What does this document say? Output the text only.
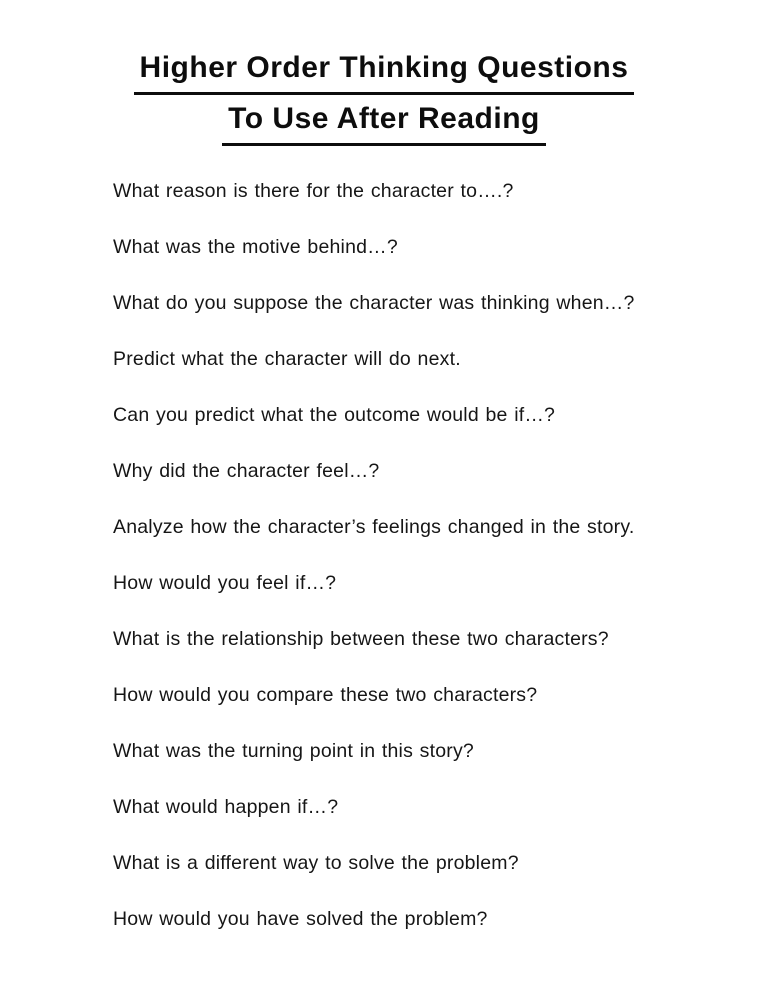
Higher Order Thinking Questions
To Use After Reading

What reason is there for the character to….?

What was the motive behind…?

What do you suppose the character was thinking when…?

Predict what the character will do next.

Can you predict what the outcome would be if…?

Why did the character feel…?

Analyze how the character’s feelings changed in the story.

How would you feel if…?

What is the relationship between these two characters?

How would you compare these two characters?

What was the turning point in this story?

What would happen if…?

What is a different way to solve the problem?

How would you have solved the problem?
